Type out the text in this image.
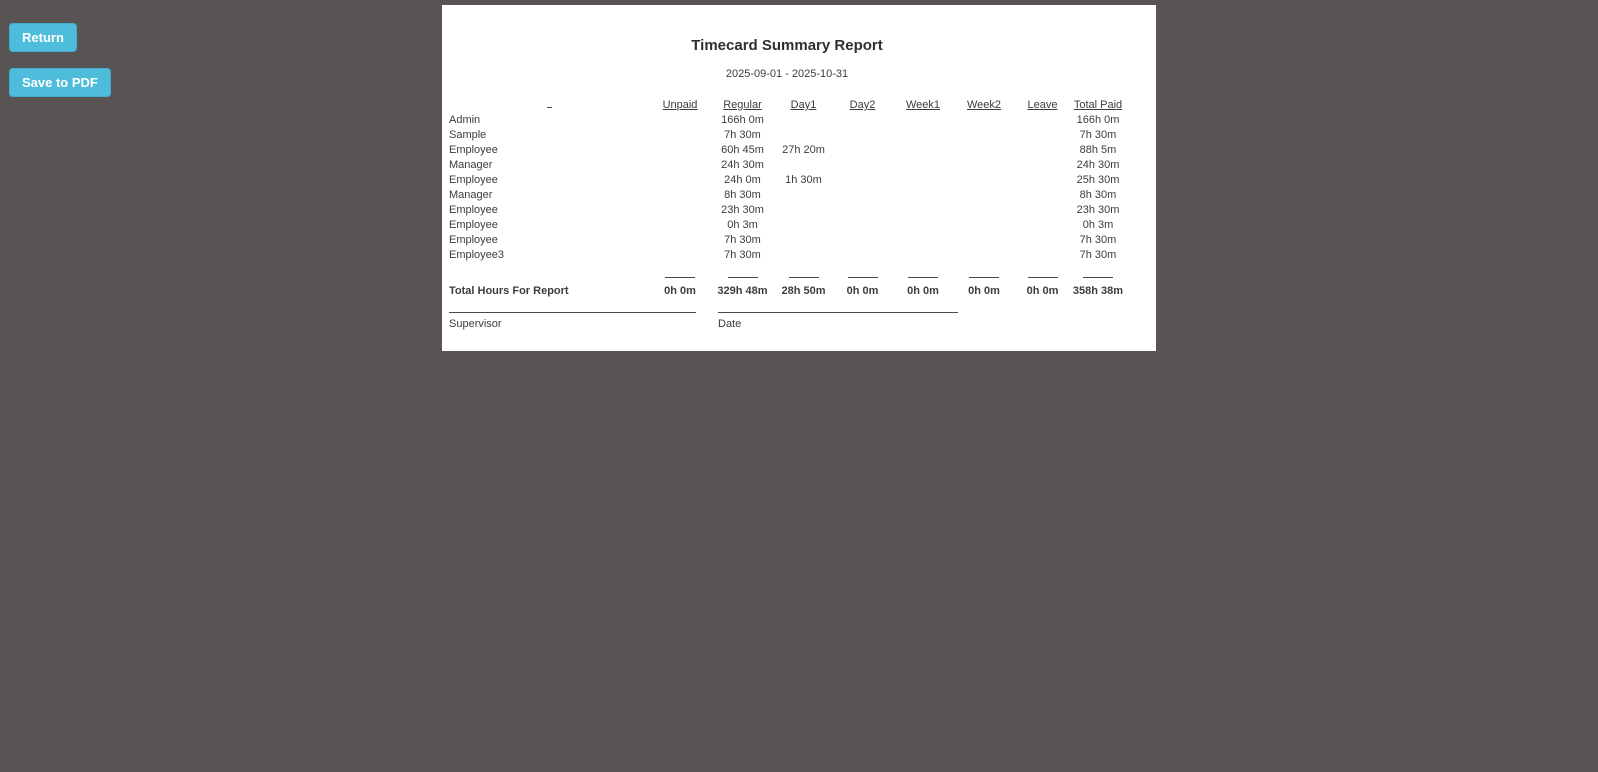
Return
Save to PDF
Timecard Summary Report
2025-09-01 - 2025-10-31
	Unpaid	Regular	Day1	Day2	Week1	Week2	Leave	Total Paid
Admin		166h 0m						166h 0m
Sample		7h 30m						7h 30m
Employee		60h 45m	27h 20m					88h 5m
Manager		24h 30m						24h 30m
Employee		24h 0m	1h 30m					25h 30m
Manager		8h 30m						8h 30m
Employee		23h 30m						23h 30m
Employee		0h 3m						0h 3m
Employee		7h 30m						7h 30m
Employee3		7h 30m						7h 30m

Total Hours For Report	0h 0m	329h 48m	28h 50m	0h 0m	0h 0m	0h 0m	0h 0m	358h 38m
Supervisor	Date
